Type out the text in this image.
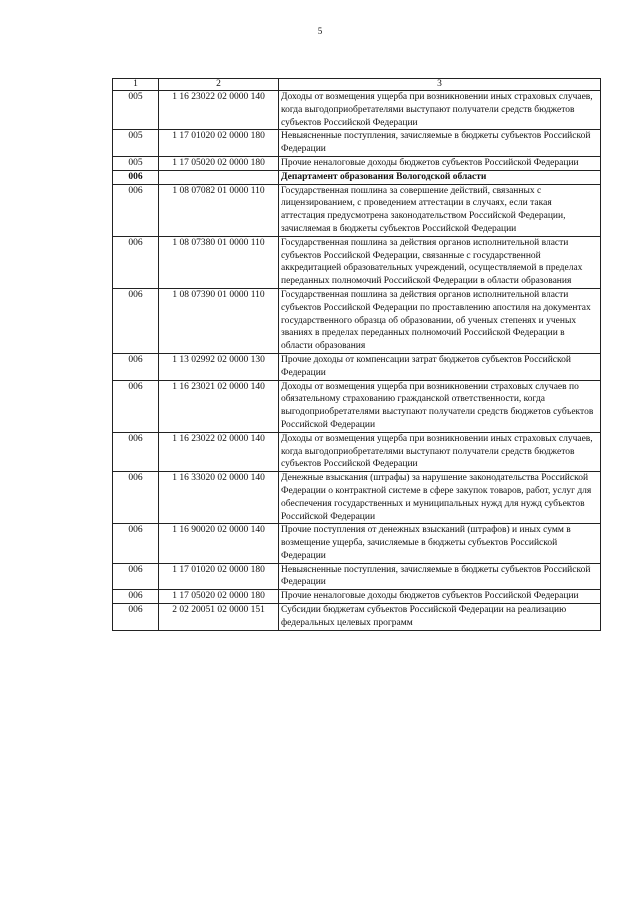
5
1	2	3
005	1 16 23022 02 0000 140	Доходы от возмещения ущерба при возникновении иных страховых случаев, когда выгодоприобретателями выступают получатели средств бюджетов субъектов Российской Федерации
005	1 17 01020 02 0000 180	Невыясненные поступления, зачисляемые в бюджеты субъектов Российской Федерации
005	1 17 05020 02 0000 180	Прочие неналоговые доходы бюджетов субъектов Российской Федерации
006		Департамент образования Вологодской области
006	1 08 07082 01 0000 110	Государственная пошлина за совершение действий, связанных с лицензированием, с проведением аттестации в случаях, если такая аттестация предусмотрена законодательством Российской Федерации, зачисляемая в бюджеты субъектов Российской Федерации
006	1 08 07380 01 0000 110	Государственная пошлина за действия органов исполнительной власти субъектов Российской Федерации, связанные с государственной аккредитацией образовательных учреждений, осуществляемой в пределах переданных полномочий Российской Федерации в области образования
006	1 08 07390 01 0000 110	Государственная пошлина за действия органов исполнительной власти субъектов Российской Федерации по проставлению апостиля на документах государственного образца об образовании, об ученых степенях и ученых званиях в пределах переданных полномочий Российской Федерации в области образования
006	1 13 02992 02 0000 130	Прочие доходы от компенсации затрат бюджетов субъектов Российской Федерации
006	1 16 23021 02 0000 140	Доходы от возмещения ущерба при возникновении страховых случаев по обязательному страхованию гражданской ответственности, когда выгодоприобретателями выступают получатели средств бюджетов субъектов Российской Федерации
006	1 16 23022 02 0000 140	Доходы от возмещения ущерба при возникновении иных страховых случаев, когда выгодоприобретателями выступают получатели средств бюджетов субъектов Российской Федерации
006	1 16 33020 02 0000 140	Денежные взыскания (штрафы) за нарушение законодательства Российской Федерации о контрактной системе в сфере закупок товаров, работ, услуг для обеспечения государственных и муниципальных нужд для нужд субъектов Российской Федерации
006	1 16 90020 02 0000 140	Прочие поступления от денежных взысканий (штрафов) и иных сумм в возмещение ущерба, зачисляемые в бюджеты субъектов Российской Федерации
006	1 17 01020 02 0000 180	Невыясненные поступления, зачисляемые в бюджеты субъектов Российской Федерации
006	1 17 05020 02 0000 180	Прочие неналоговые доходы бюджетов субъектов Российской Федерации
006	2 02 20051 02 0000 151	Субсидии бюджетам субъектов Российской Федерации на реализацию федеральных целевых программ
